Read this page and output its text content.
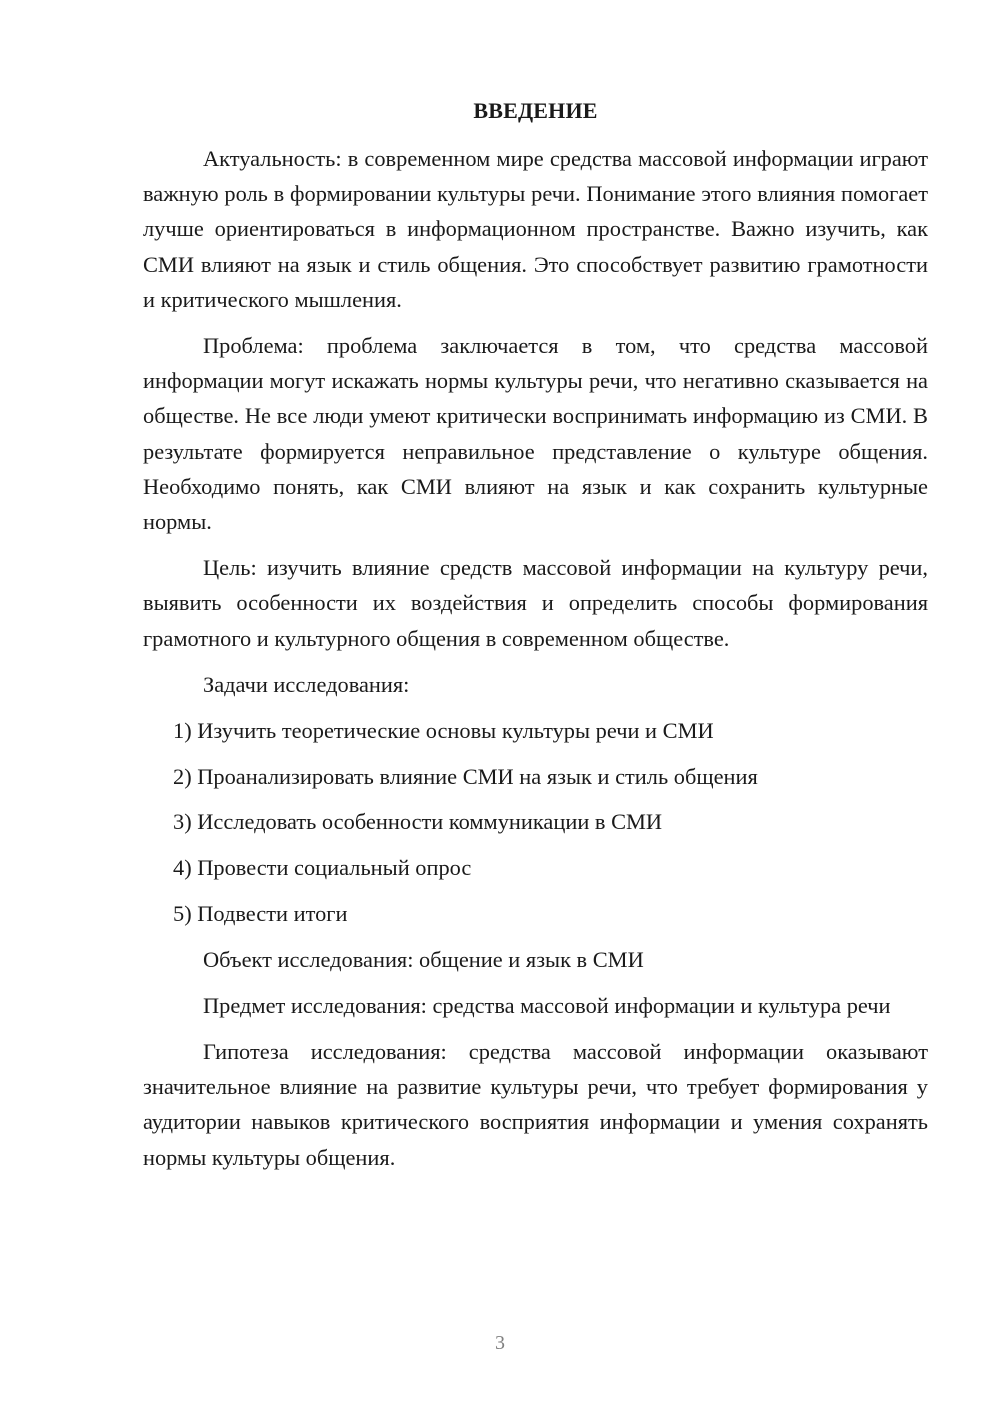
ВВЕДЕНИЕ

Актуальность: в современном мире средства массовой информации играют важную роль в формировании культуры речи. Понимание этого влияния помогает лучше ориентироваться в информационном пространстве. Важно изучить, как СМИ влияют на язык и стиль общения. Это способствует развитию грамотности и критического мышления.

Проблема: проблема заключается в том, что средства массовой информации могут искажать нормы культуры речи, что негативно сказывается на обществе. Не все люди умеют критически воспринимать информацию из СМИ. В результате формируется неправильное представление о культуре общения. Необходимо понять, как СМИ влияют на язык и как сохранить культурные нормы.

Цель: изучить влияние средств массовой информации на культуру речи, выявить особенности их воздействия и определить способы формирования грамотного и культурного общения в современном обществе.

Задачи исследования:

1) Изучить теоретические основы культуры речи и СМИ
2) Проанализировать влияние СМИ на язык и стиль общения
3) Исследовать особенности коммуникации в СМИ
4) Провести социальный опрос
5) Подвести итоги

Объект исследования: общение и язык в СМИ

Предмет исследования: средства массовой информации и культура речи

Гипотеза исследования: средства массовой информации оказывают значительное влияние на развитие культуры речи, что требует формирования у аудитории навыков критического восприятия информации и умения сохранять нормы культуры общения.

3
